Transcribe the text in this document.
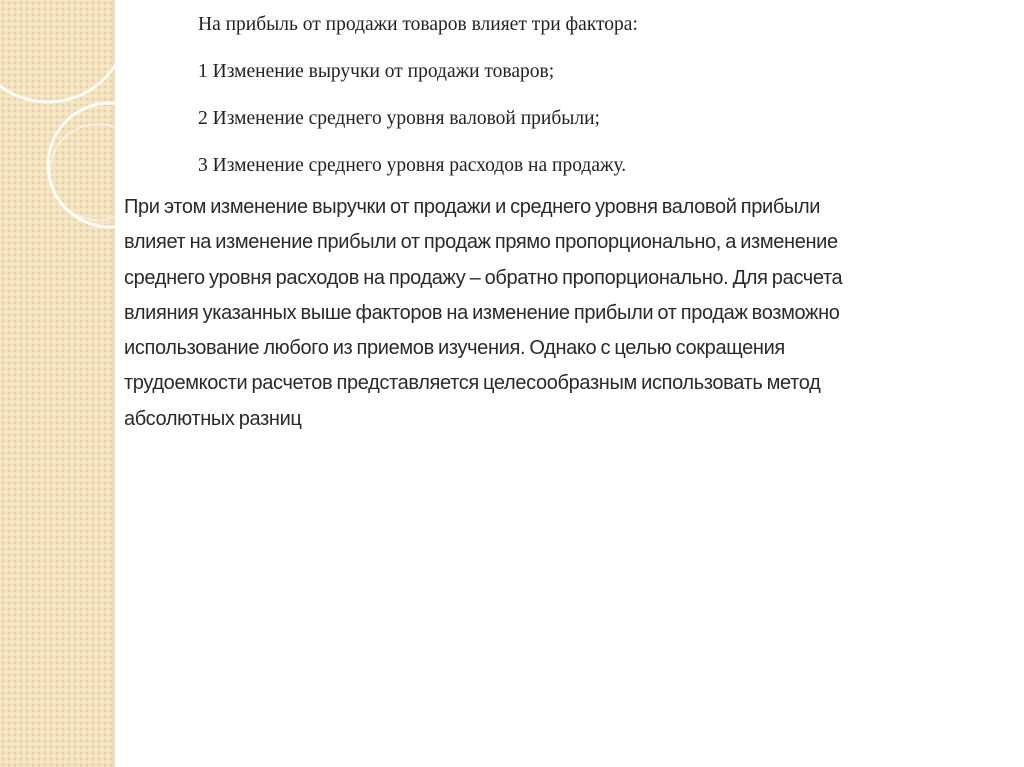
На прибыль от продажи товаров влияет три фактора:

1 Изменение выручки от продажи товаров;

2 Изменение среднего уровня валовой прибыли;

3 Изменение среднего уровня расходов на продажу.

При этом изменение выручки от продажи и среднего уровня валовой прибыли
влияет на изменение прибыли от продаж прямо пропорционально, а изменение
среднего уровня расходов на продажу – обратно пропорционально. Для расчета
влияния указанных выше факторов на изменение прибыли от продаж возможно
использование любого из приемов изучения. Однако с целью сокращения
трудоемкости расчетов представляется целесообразным использовать метод
абсолютных разниц
